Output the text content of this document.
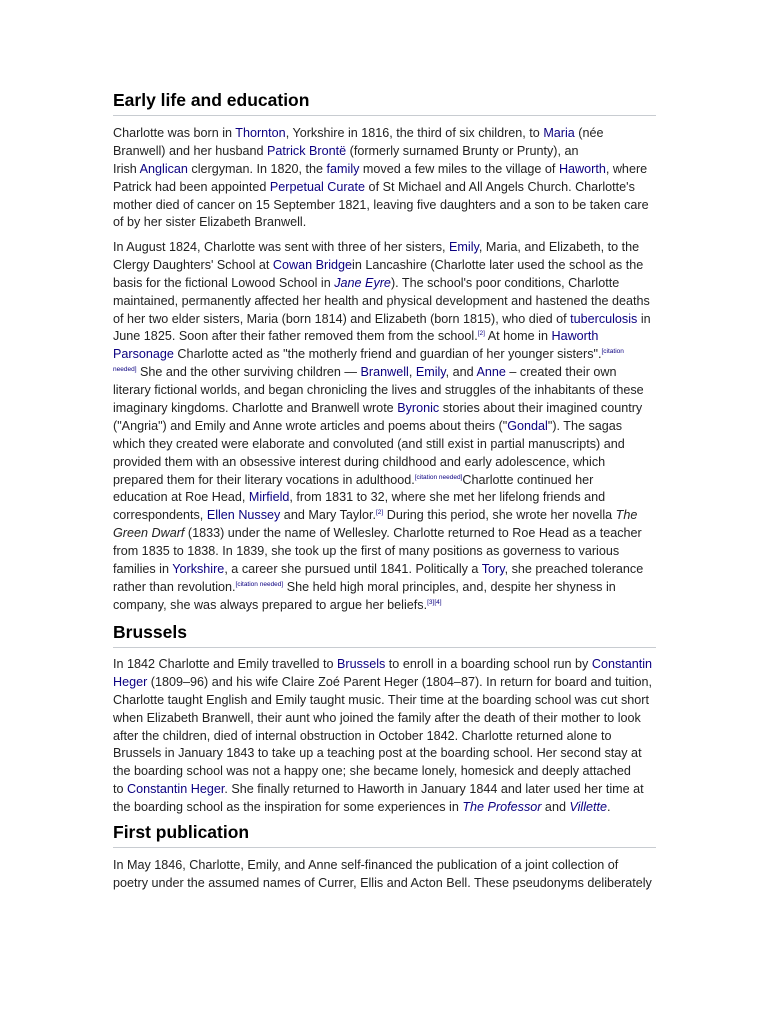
Early life and education
Charlotte was born in Thornton, Yorkshire in 1816, the third of six children, to Maria (née
Branwell) and her husband Patrick Brontë (formerly surnamed Brunty or Prunty), an
Irish Anglican clergyman. In 1820, the family moved a few miles to the village of Haworth, where
Patrick had been appointed Perpetual Curate of St Michael and All Angels Church. Charlotte's
mother died of cancer on 15 September 1821, leaving five daughters and a son to be taken care
of by her sister Elizabeth Branwell.
In August 1824, Charlotte was sent with three of her sisters, Emily, Maria, and Elizabeth, to the
Clergy Daughters' School at Cowan Bridgein Lancashire (Charlotte later used the school as the
basis for the fictional Lowood School in Jane Eyre). The school's poor conditions, Charlotte
maintained, permanently affected her health and physical development and hastened the deaths
of her two elder sisters, Maria (born 1814) and Elizabeth (born 1815), who died of tuberculosis in
June 1825. Soon after their father removed them from the school.[2] At home in Haworth
Parsonage Charlotte acted as "the motherly friend and guardian of her younger sisters".$^{[citation}$
$^{needed]}$ She and the other surviving children — Branwell, Emily, and Anne – created their own
literary fictional worlds, and began chronicling the lives and struggles of the inhabitants of these
imaginary kingdoms. Charlotte and Branwell wrote Byronic stories about their imagined country
("Angria") and Emily and Anne wrote articles and poems about theirs ("Gondal"). The sagas
which they created were elaborate and convoluted (and still exist in partial manuscripts) and
provided them with an obsessive interest during childhood and early adolescence, which
prepared them for their literary vocations in adulthood.[citation needed]Charlotte continued her
education at Roe Head, Mirfield, from 1831 to 32, where she met her lifelong friends and
correspondents, Ellen Nussey and Mary Taylor.[2] During this period, she wrote her novella The
Green Dwarf (1833) under the name of Wellesley. Charlotte returned to Roe Head as a teacher
from 1835 to 1838. In 1839, she took up the first of many positions as governess to various
families in Yorkshire, a career she pursued until 1841. Politically a Tory, she preached tolerance
rather than revolution.[citation needed] She held high moral principles, and, despite her shyness in
company, she was always prepared to argue her beliefs.[3][4]
Brussels
In 1842 Charlotte and Emily travelled to Brussels to enroll in a boarding school run by Constantin
Heger (1809–96) and his wife Claire Zoé Parent Heger (1804–87). In return for board and tuition,
Charlotte taught English and Emily taught music. Their time at the boarding school was cut short
when Elizabeth Branwell, their aunt who joined the family after the death of their mother to look
after the children, died of internal obstruction in October 1842. Charlotte returned alone to
Brussels in January 1843 to take up a teaching post at the boarding school. Her second stay at
the boarding school was not a happy one; she became lonely, homesick and deeply attached
to Constantin Heger. She finally returned to Haworth in January 1844 and later used her time at
the boarding school as the inspiration for some experiences in The Professor and Villette.
First publication
In May 1846, Charlotte, Emily, and Anne self-financed the publication of a joint collection of
poetry under the assumed names of Currer, Ellis and Acton Bell. These pseudonyms deliberately
